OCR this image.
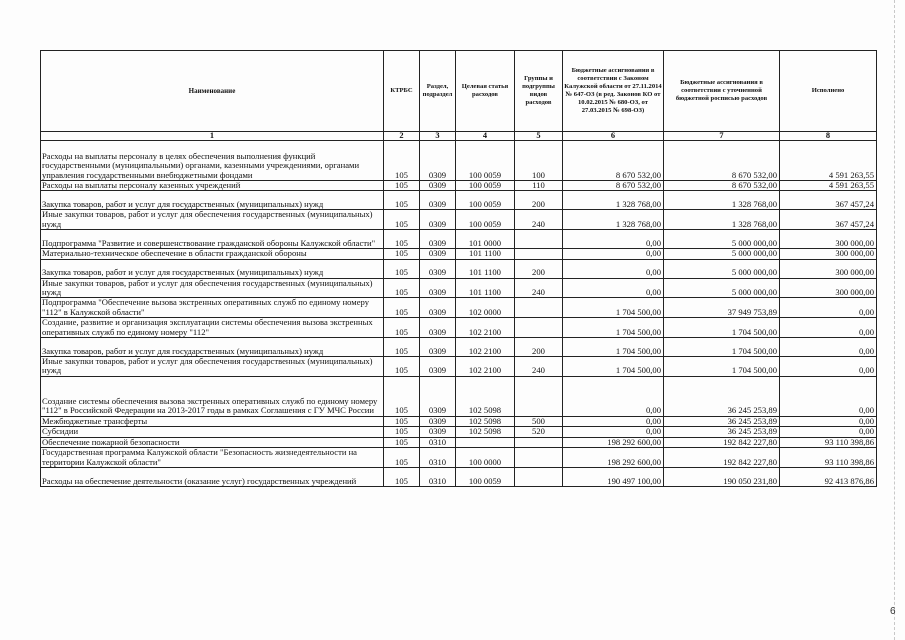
Наименование	КТРБС	Раздел, подраздел	Целевая статья расходов	Группы и подгруппы видов расходов	Бюджетные ассигнования в соответствии с Законом Калужской области от 27.11.2014 № 647-ОЗ (в ред. Законов КО от 10.02.2015 № 680-ОЗ, от 27.03.2015 № 698-ОЗ)	Бюджетные ассигнования в соответствии с уточненной бюджетной росписью расходов	Исполнено
1	2	3	4	5	6	7	8
Расходы на выплаты персоналу в целях обеспечения выполнения функций государственными (муниципальными) органами, казенными учреждениями, органами управления государственными внебюджетными фондами	105	0309	100 0059	100	8 670 532,00	8 670 532,00	4 591 263,55
Расходы на выплаты персоналу казенных учреждений	105	0309	100 0059	110	8 670 532,00	8 670 532,00	4 591 263,55
Закупка товаров, работ и услуг для государственных (муниципальных) нужд	105	0309	100 0059	200	1 328 768,00	1 328 768,00	367 457,24
Иные закупки товаров, работ и услуг для обеспечения государственных (муниципальных) нужд	105	0309	100 0059	240	1 328 768,00	1 328 768,00	367 457,24
Подпрограмма "Развитие и совершенствование гражданской обороны Калужской области"	105	0309	101 0000		0,00	5 000 000,00	300 000,00
Материально-техническое обеспечение в области гражданской обороны	105	0309	101 1100		0,00	5 000 000,00	300 000,00
Закупка товаров, работ и услуг для государственных (муниципальных) нужд	105	0309	101 1100	200	0,00	5 000 000,00	300 000,00
Иные закупки товаров, работ и услуг для обеспечения государственных (муниципальных) нужд	105	0309	101 1100	240	0,00	5 000 000,00	300 000,00
Подпрограмма "Обеспечение вызова экстренных оперативных служб по единому номеру "112" в Калужской области"	105	0309	102 0000		1 704 500,00	37 949 753,89	0,00
Создание, развитие и организация эксплуатации системы обеспечения вызова экстренных оперативных служб по единому номеру "112"	105	0309	102 2100		1 704 500,00	1 704 500,00	0,00
Закупка товаров, работ и услуг для государственных (муниципальных) нужд	105	0309	102 2100	200	1 704 500,00	1 704 500,00	0,00
Иные закупки товаров, работ и услуг для обеспечения государственных (муниципальных) нужд	105	0309	102 2100	240	1 704 500,00	1 704 500,00	0,00
Создание системы обеспечения вызова экстренных оперативных служб по единому номеру "112" в Российской Федерации на 2013-2017 годы в рамках Соглашения с ГУ МЧС России	105	0309	102 5098		0,00	36 245 253,89	0,00
Межбюджетные трансферты	105	0309	102 5098	500	0,00	36 245 253,89	0,00
Субсидии	105	0309	102 5098	520	0,00	36 245 253,89	0,00
Обеспечение пожарной безопасности	105	0310			198 292 600,00	192 842 227,80	93 110 398,86
Государственная программа Калужской области "Безопасность жизнедеятельности на территории Калужской области"	105	0310	100 0000		198 292 600,00	192 842 227,80	93 110 398,86
Расходы на обеспечение деятельности (оказание услуг) государственных учреждений	105	0310	100 0059		190 497 100,00	190 050 231,80	92 413 876,86
6
